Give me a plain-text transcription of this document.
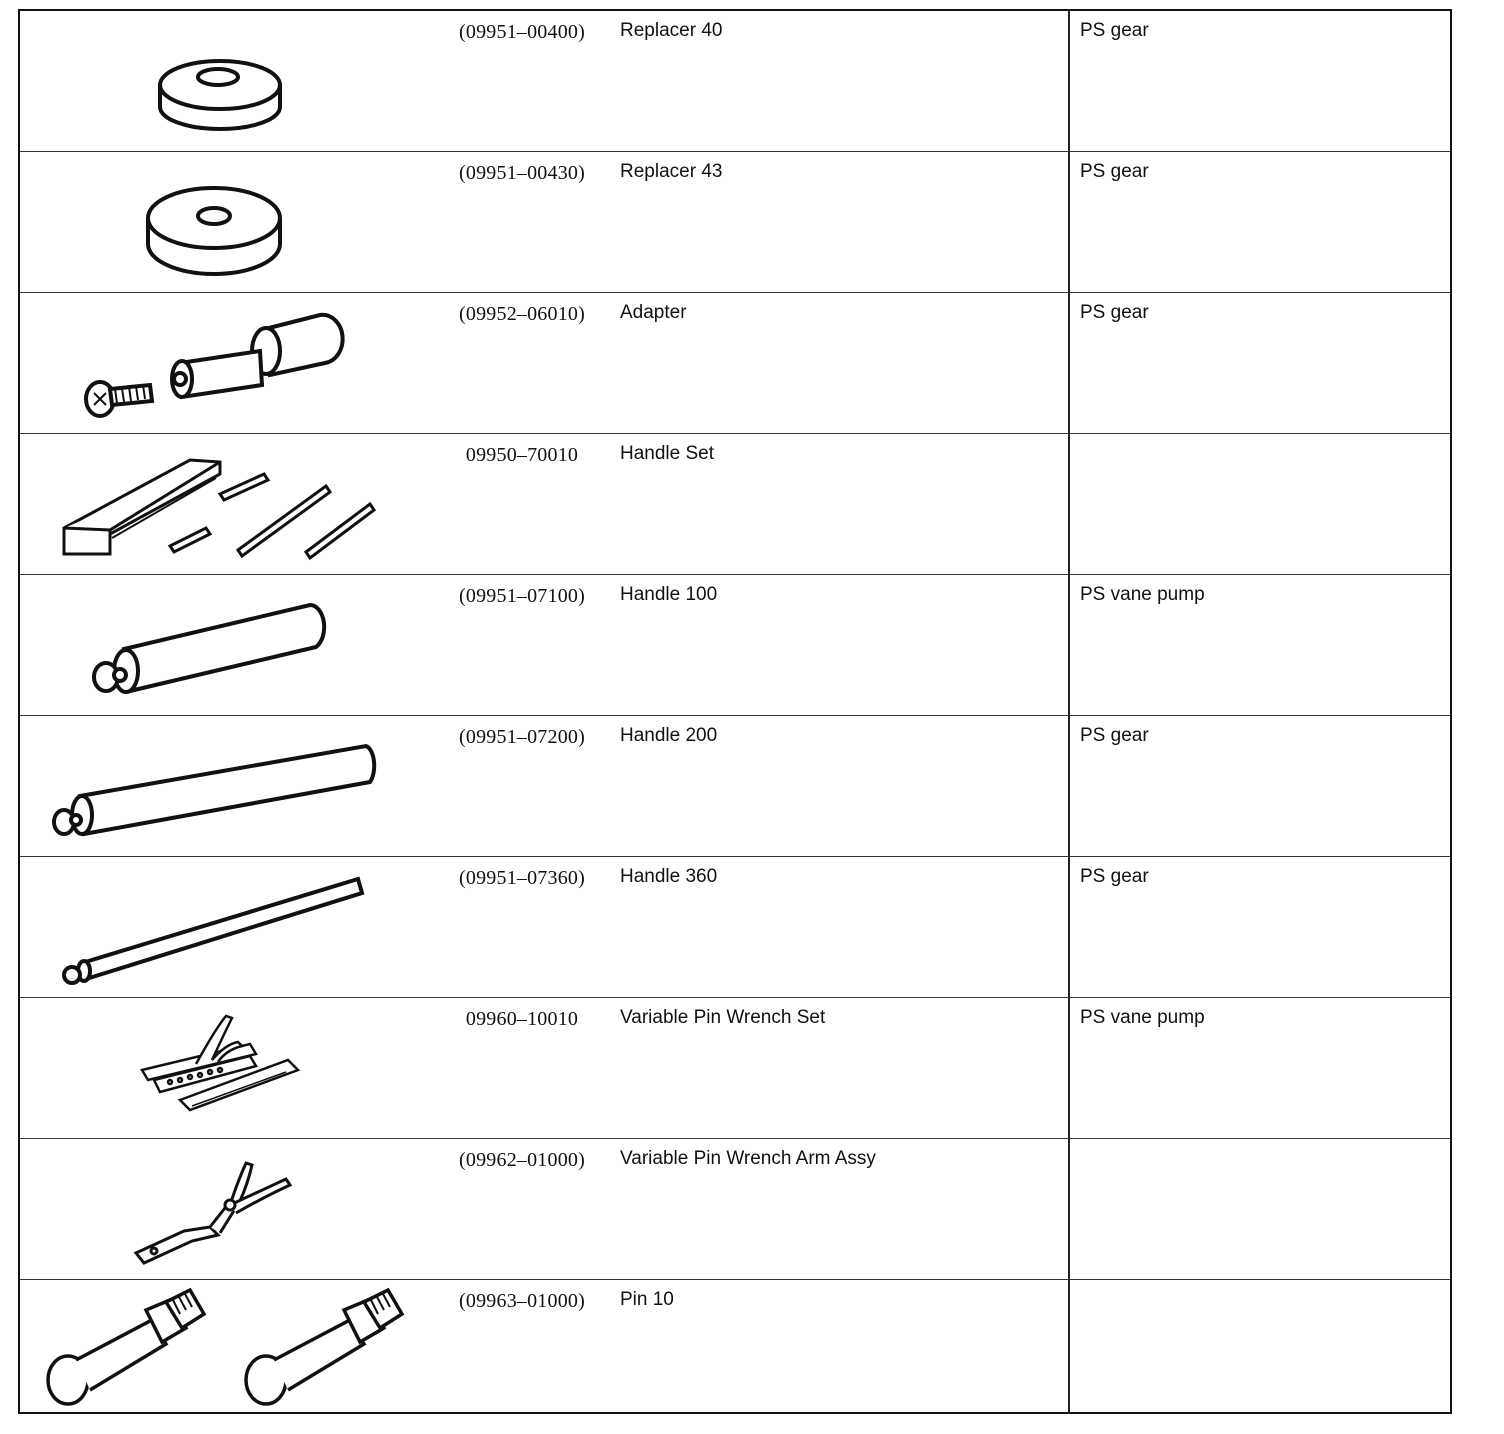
(09951–00400)	Replacer 40	PS gear
(09951–00430)	Replacer 43	PS gear
(09952–06010)	Adapter	PS gear
09950–70010	Handle Set
(09951–07100)	Handle 100	PS vane pump
(09951–07200)	Handle 200	PS gear
(09951–07360)	Handle 360	PS gear
09960–10010	Variable Pin Wrench Set	PS vane pump
(09962–01000)	Variable Pin Wrench Arm Assy
(09963–01000)	Pin 10
